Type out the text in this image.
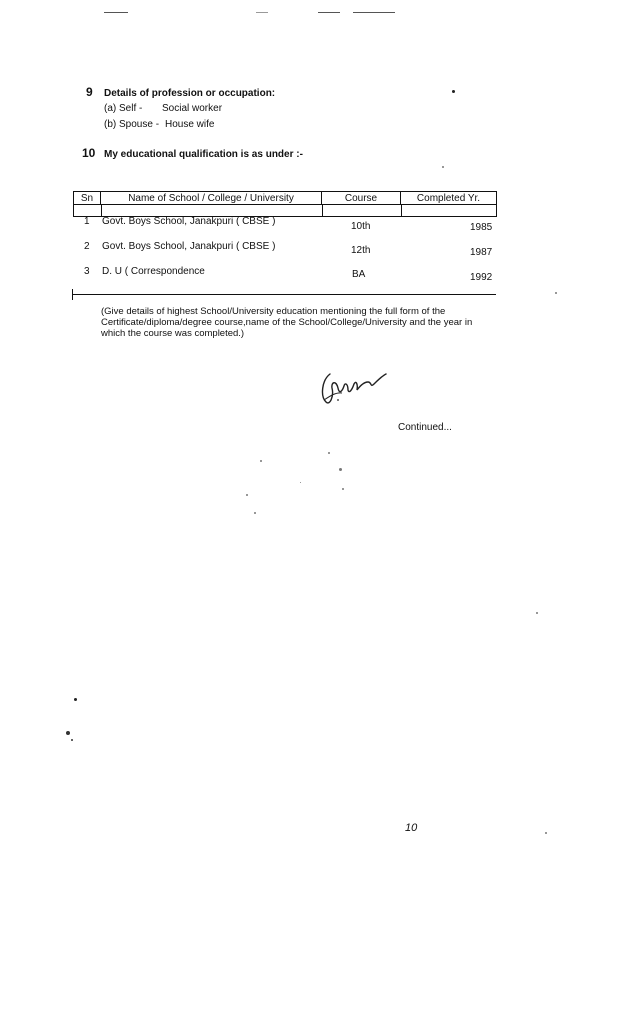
9 Details of profession or occupation:
(a) Self - Social worker
(b) Spouse - House wife
10 My educational qualification is as under :-
Sn	Name of School / College / University	Course	Completed Yr.
1 Govt. Boys School, Janakpuri ( CBSE )	10th	1985
2 Govt. Boys School, Janakpuri ( CBSE )	12th	1987
3 D. U ( Correspondence	BA	1992
(Give details of highest School/University education mentioning the full form of the Certificate/diploma/degree course,name of the School/College/University and the year in which the course was completed.)
Continued...
10
